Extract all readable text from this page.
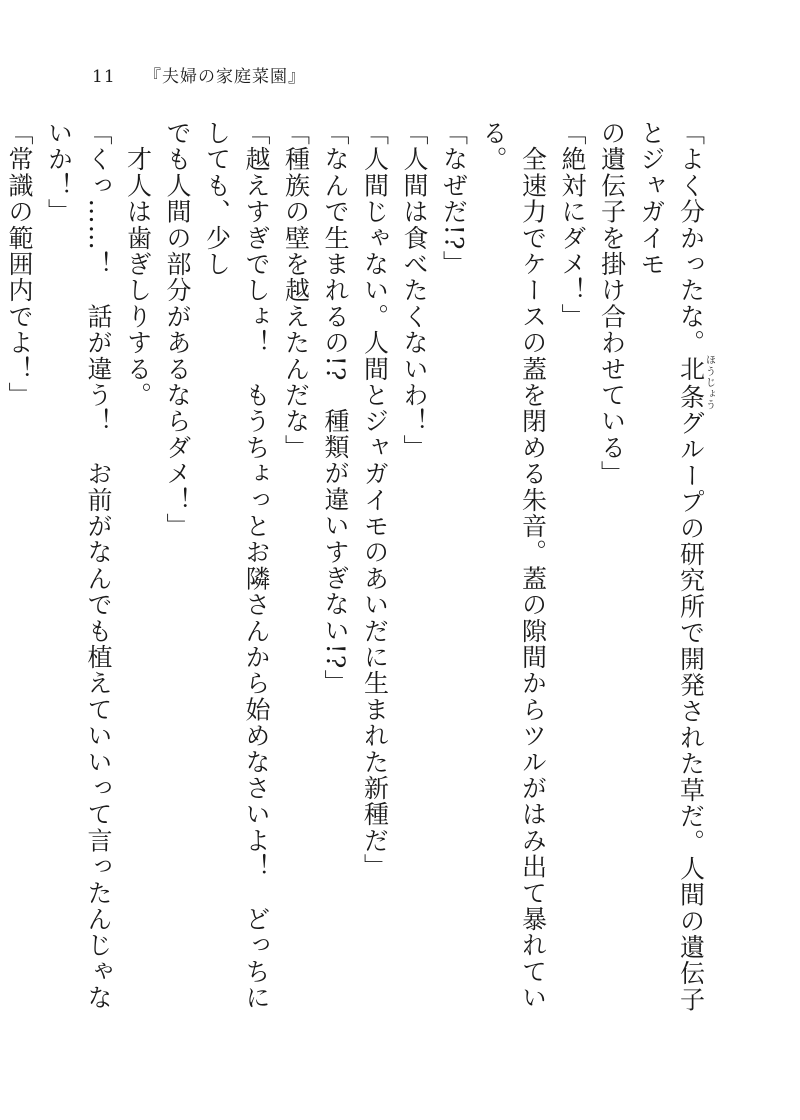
11 『夫婦の家庭菜園』

「よく分かったな。北条ほうじょうグループの研究所で開発された草だ。人間の遺伝子とジャガイモ

の遺伝子を掛け合わせている」

「絶対にダメ！」

　全速力でケースの蓋を閉める朱音。蓋の隙間からツルがはみ出て暴れている。

「なぜだ!?」

「人間は食べたくないわ！」

「人間じゃない。人間とジャガイモのあいだに生まれた新種だ」

「なんで生まれるの!?　種類が違いすぎない!?」

「種族の壁を越えたんだな」

「越えすぎでしょ！　もうちょっとお隣さんから始めなさいよ！　どっちにしても、少し

でも人間の部分があるならダメ！」

　才人は歯ぎしりする。

「くっ……！　話が違う！　お前がなんでも植えていいって言ったんじゃないか！」

「常識の範囲内でよ！」
